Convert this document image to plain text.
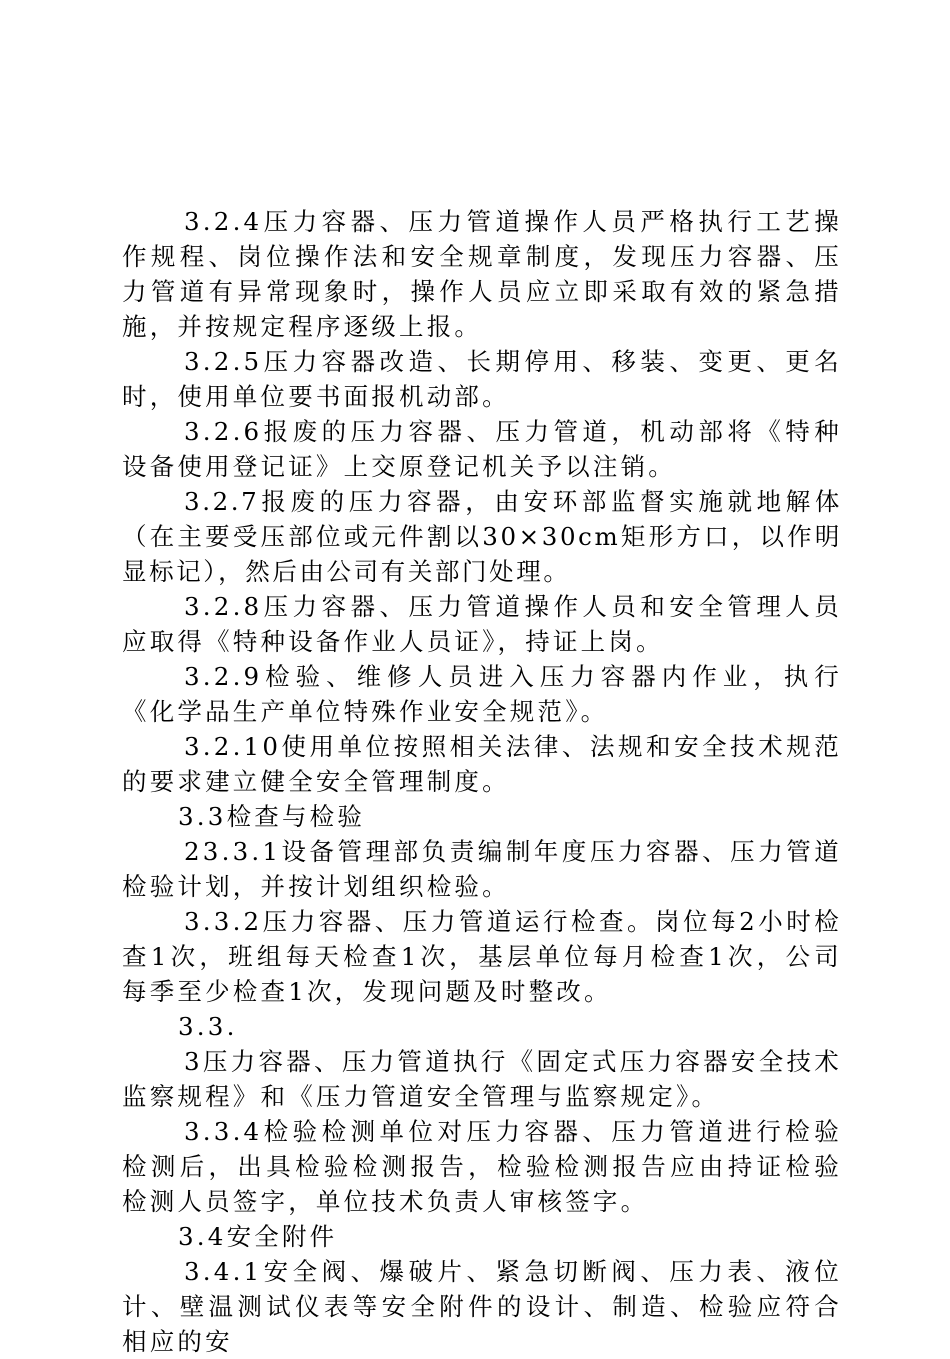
3.2.4压力容器、压力管道操作人员严格执行工艺操作规程、岗位操作法和安全规章制度，发现压力容器、压力管道有异常现象时，操作人员应立即采取有效的紧急措施，并按规定程序逐级上报。

3.2.5压力容器改造、长期停用、移装、变更、更名时，使用单位要书面报机动部。

3.2.6报废的压力容器、压力管道，机动部将《特种设备使用登记证》上交原登记机关予以注销。

3.2.7报废的压力容器，由安环部监督实施就地解体（在主要受压部位或元件割以30×30cm矩形方口，以作明显标记），然后由公司有关部门处理。

3.2.8压力容器、压力管道操作人员和安全管理人员应取得《特种设备作业人员证》，持证上岗。

3.2.9检验、维修人员进入压力容器内作业，执行《化学品生产单位特殊作业安全规范》。

3.2.10使用单位按照相关法律、法规和安全技术规范的要求建立健全安全管理制度。

3.3检查与检验

23.3.1设备管理部负责编制年度压力容器、压力管道检验计划，并按计划组织检验。

3.3.2压力容器、压力管道运行检查。岗位每2小时检查1次，班组每天检查1次，基层单位每月检查1次，公司每季至少检查1次，发现问题及时整改。

3.3.

3压力容器、压力管道执行《固定式压力容器安全技术监察规程》和《压力管道安全管理与监察规定》。

3.3.4检验检测单位对压力容器、压力管道进行检验检测后，出具检验检测报告，检验检测报告应由持证检验检测人员签字，单位技术负责人审核签字。

3.4安全附件

3.4.1安全阀、爆破片、紧急切断阀、压力表、液位计、壁温测试仪表等安全附件的设计、制造、检验应符合相应的安
